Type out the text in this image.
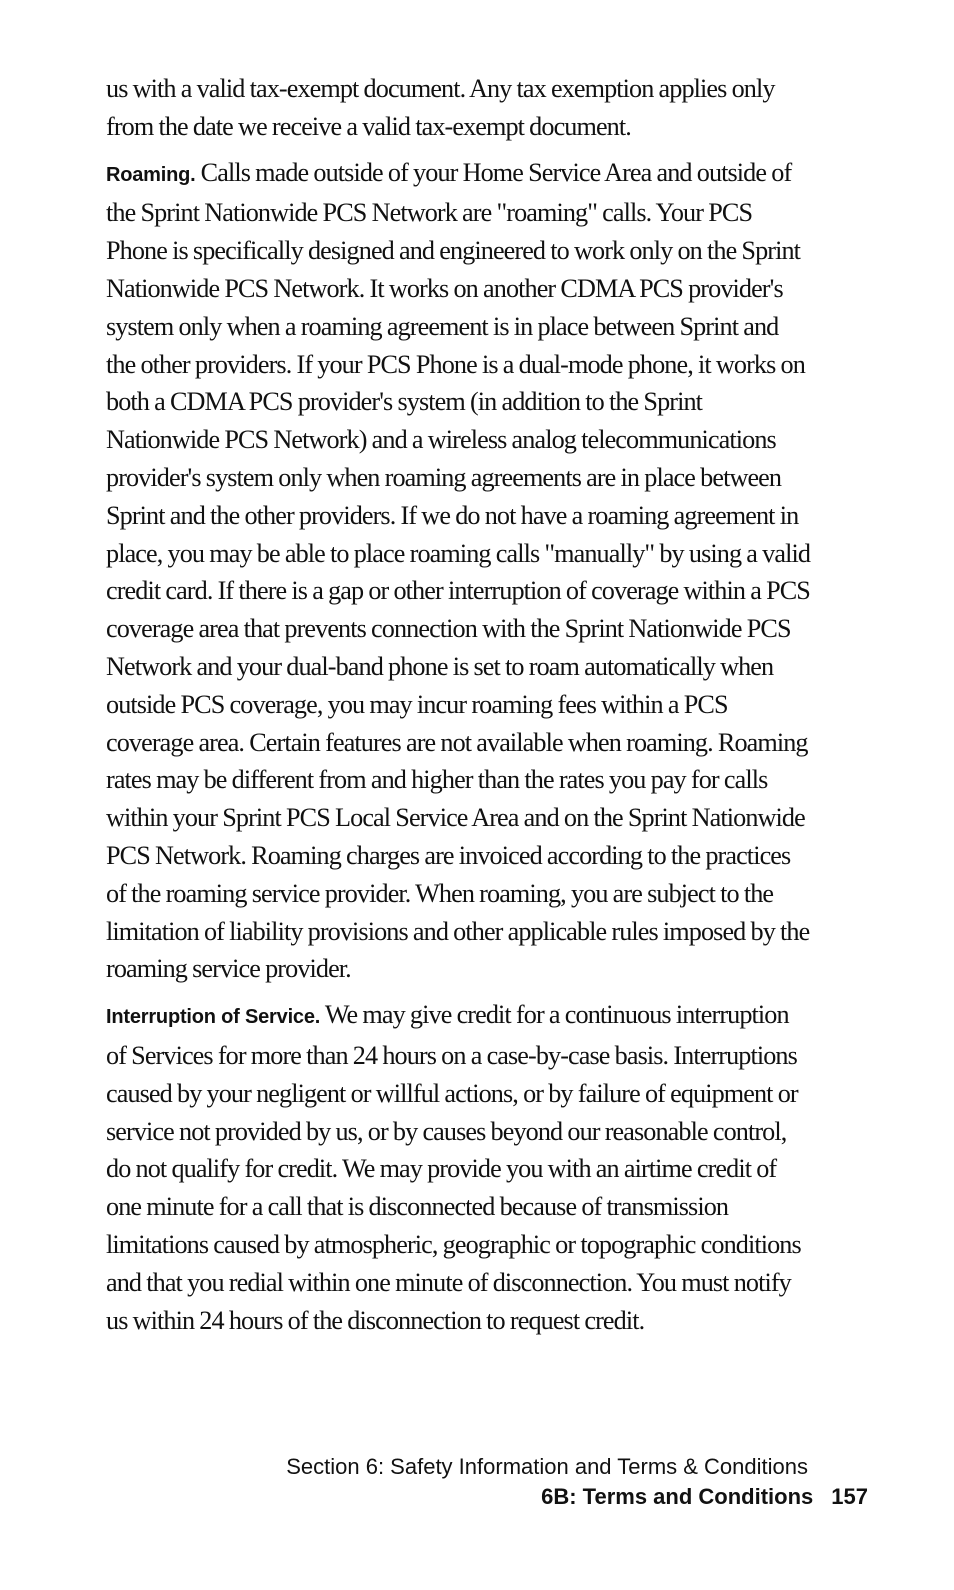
us with a valid tax-exempt document. Any tax exemption applies only from the date we receive a valid tax-exempt document.

Roaming. Calls made outside of your Home Service Area and outside of the Sprint Nationwide PCS Network are "roaming" calls. Your PCS Phone is specifically designed and engineered to work only on the Sprint Nationwide PCS Network. It works on another CDMA PCS provider's system only when a roaming agreement is in place between Sprint and the other providers. If your PCS Phone is a dual-mode phone, it works on both a CDMA PCS provider's system (in addition to the Sprint Nationwide PCS Network) and a wireless analog telecommunications provider's system only when roaming agreements are in place between Sprint and the other providers. If we do not have a roaming agreement in place, you may be able to place roaming calls "manually" by using a valid credit card. If there is a gap or other interruption of coverage within a PCS coverage area that prevents connection with the Sprint Nationwide PCS Network and your dual-band phone is set to roam automatically when outside PCS coverage, you may incur roaming fees within a PCS coverage area. Certain features are not available when roaming. Roaming rates may be different from and higher than the rates you pay for calls within your Sprint PCS Local Service Area and on the Sprint Nationwide PCS Network. Roaming charges are invoiced according to the practices of the roaming service provider. When roaming, you are subject to the limitation of liability provisions and other applicable rules imposed by the roaming service provider.

Interruption of Service. We may give credit for a continuous interruption of Services for more than 24 hours on a case-by-case basis. Interruptions caused by your negligent or willful actions, or by failure of equipment or service not provided by us, or by causes beyond our reasonable control, do not qualify for credit. We may provide you with an airtime credit of one minute for a call that is disconnected because of transmission limitations caused by atmospheric, geographic or topographic conditions and that you redial within one minute of disconnection. You must notify us within 24 hours of the disconnection to request credit.

Section 6: Safety Information and Terms & Conditions
6B: Terms and Conditions 157
